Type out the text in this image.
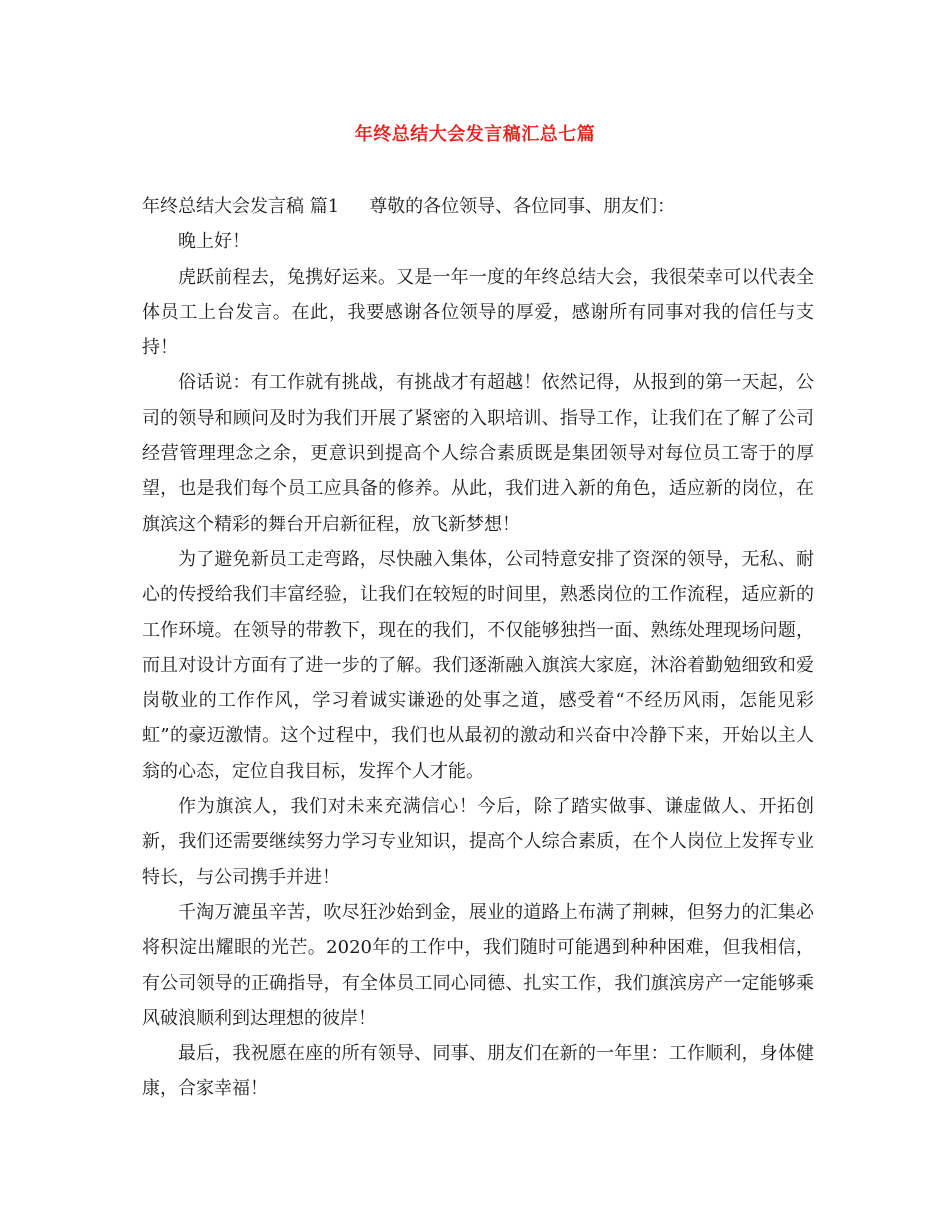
年终总结大会发言稿汇总七篇

年终总结大会发言稿 篇1 尊敬的各位领导、各位同事、朋友们：

晚上好！

虎跃前程去，兔携好运来。又是一年一度的年终总结大会，我很荣幸可以代表全体员工上台发言。在此，我要感谢各位领导的厚爱，感谢所有同事对我的信任与支持！

俗话说：有工作就有挑战，有挑战才有超越！依然记得，从报到的第一天起，公司的领导和顾问及时为我们开展了紧密的入职培训、指导工作，让我们在了解了公司经营管理理念之余，更意识到提高个人综合素质既是集团领导对每位员工寄于的厚望，也是我们每个员工应具备的修养。从此，我们进入新的角色，适应新的岗位，在旗滨这个精彩的舞台开启新征程，放飞新梦想！

为了避免新员工走弯路，尽快融入集体，公司特意安排了资深的领导，无私、耐心的传授给我们丰富经验，让我们在较短的时间里，熟悉岗位的工作流程，适应新的工作环境。在领导的带教下，现在的我们，不仅能够独挡一面、熟练处理现场问题，而且对设计方面有了进一步的了解。我们逐渐融入旗滨大家庭，沐浴着勤勉细致和爱岗敬业的工作作风，学习着诚实谦逊的处事之道，感受着“不经历风雨，怎能见彩虹”的豪迈激情。这个过程中，我们也从最初的激动和兴奋中冷静下来，开始以主人翁的心态，定位自我目标，发挥个人才能。

作为旗滨人，我们对未来充满信心！今后，除了踏实做事、谦虚做人、开拓创新，我们还需要继续努力学习专业知识，提高个人综合素质，在个人岗位上发挥专业特长，与公司携手并进！

千淘万漉虽辛苦，吹尽狂沙始到金，展业的道路上布满了荆棘，但努力的汇集必将积淀出耀眼的光芒。2020年的工作中，我们随时可能遇到种种困难，但我相信，有公司领导的正确指导，有全体员工同心同德、扎实工作，我们旗滨房产一定能够乘风破浪顺利到达理想的彼岸！

最后，我祝愿在座的所有领导、同事、朋友们在新的一年里：工作顺利，身体健康，合家幸福！
